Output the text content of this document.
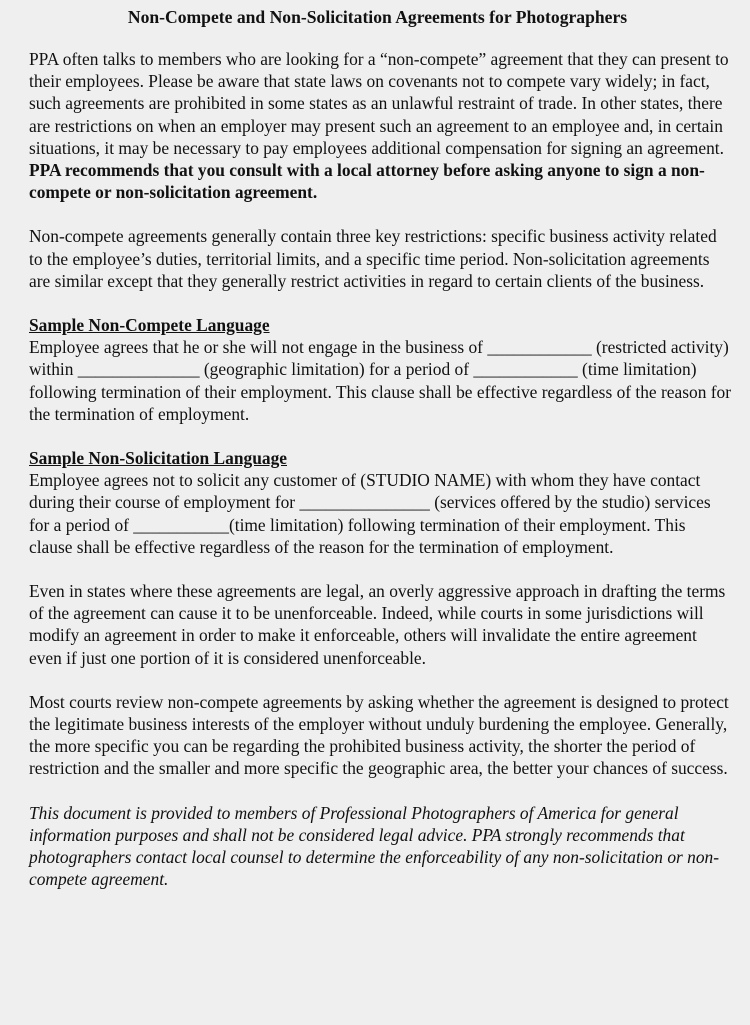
Non-Compete and Non-Solicitation Agreements for Photographers

PPA often talks to members who are looking for a “non-compete” agreement that they can present to their employees. Please be aware that state laws on covenants not to compete vary widely; in fact, such agreements are prohibited in some states as an unlawful restraint of trade. In other states, there are restrictions on when an employer may present such an agreement to an employee and, in certain situations, it may be necessary to pay employees additional compensation for signing an agreement. PPA recommends that you consult with a local attorney before asking anyone to sign a non-compete or non-solicitation agreement.

Non-compete agreements generally contain three key restrictions: specific business activity related to the employee’s duties, territorial limits, and a specific time period. Non-solicitation agreements are similar except that they generally restrict activities in regard to certain clients of the business.

Sample Non-Compete Language
Employee agrees that he or she will not engage in the business of ____________ (restricted activity) within ______________ (geographic limitation) for a period of ____________ (time limitation) following termination of their employment. This clause shall be effective regardless of the reason for the termination of employment.
Sample Non-Solicitation Language
Employee agrees not to solicit any customer of (STUDIO NAME) with whom they have contact during their course of employment for _______________ (services offered by the studio) services for a period of ___________(time limitation) following termination of their employment. This clause shall be effective regardless of the reason for the termination of employment.

Even in states where these agreements are legal, an overly aggressive approach in drafting the terms of the agreement can cause it to be unenforceable. Indeed, while courts in some jurisdictions will modify an agreement in order to make it enforceable, others will invalidate the entire agreement even if just one portion of it is considered unenforceable.

Most courts review non-compete agreements by asking whether the agreement is designed to protect the legitimate business interests of the employer without unduly burdening the employee. Generally, the more specific you can be regarding the prohibited business activity, the shorter the period of restriction and the smaller and more specific the geographic area, the better your chances of success.

This document is provided to members of Professional Photographers of America for general information purposes and shall not be considered legal advice. PPA strongly recommends that photographers contact local counsel to determine the enforceability of any non-solicitation or non-compete agreement.
